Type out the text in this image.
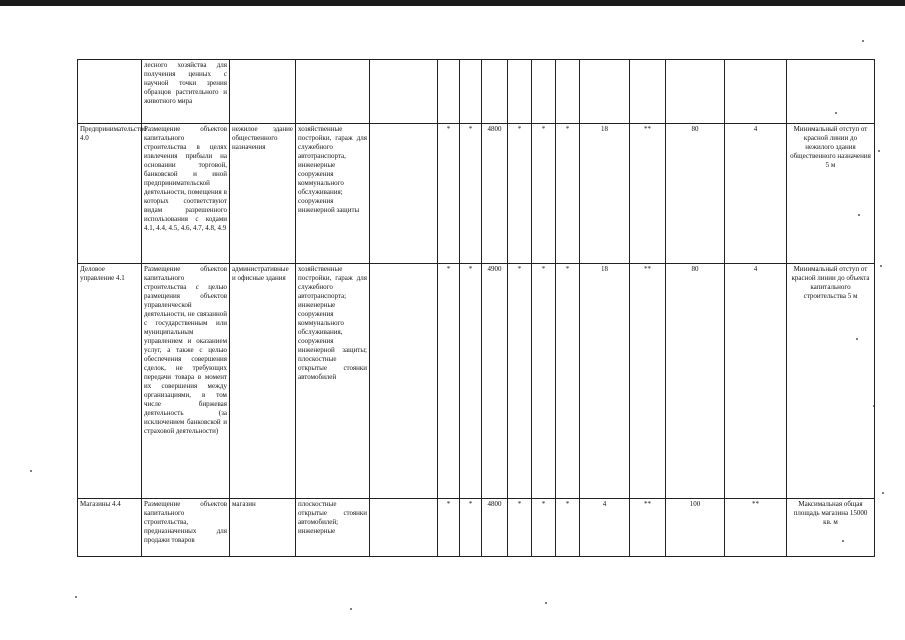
	лесного хозяйства для получения ценных с научной точки зрения образцов растительного и животного мира														
Предпринимательство 4.0	Размещение объектов капитального строительства в целях извлечения прибыли на основании торговой, банковской и иной предпринимательской деятельности, помещения в которых соответствуют видам разрешенного использования с кодами 4.1, 4.4, 4.5, 4.6, 4.7, 4.8, 4.9	нежилое здание общественного назначения	хозяйственные постройки, гараж для служебного автотранспорта, инженерные сооружения коммунального обслуживания; сооружения инженерной защиты		*	*	4800	*	*	*	18	**	80	4	Минимальный отступ от красной линии до нежилого здания общественного назначения 5 м
Деловое управление 4.1	Размещение объектов капитального строительства с целью размещения объектов управленческой деятельности, не связанной с государственным или муниципальным управлением и оказанием услуг, а также с целью обеспечения совершения сделок, не требующих передачи товара в момент их совершения между организациями, в том числе биржевая деятельность (за исключением банковской и страховой деятельности)	административные и офисные здания	хозяйственные постройки, гараж для служебного автотранспорта; инженерные сооружения коммунального обслуживания, сооружения инженерной защиты; плоскостные открытые стоянки автомобилей		*	*	4900	*	*	*	18	**	80	4	Минимальный отступ от красной линии до объекта капитального строительства 5 м
Магазины 4.4	Размещение объектов капитального строительства, предназначенных для продажи товаров	магазин	плоскостные открытые стоянки автомобилей; инженерные		*	*	4800	*	*	*	4	**	100	**	Максимальная общая площадь магазина 15000 кв. м
